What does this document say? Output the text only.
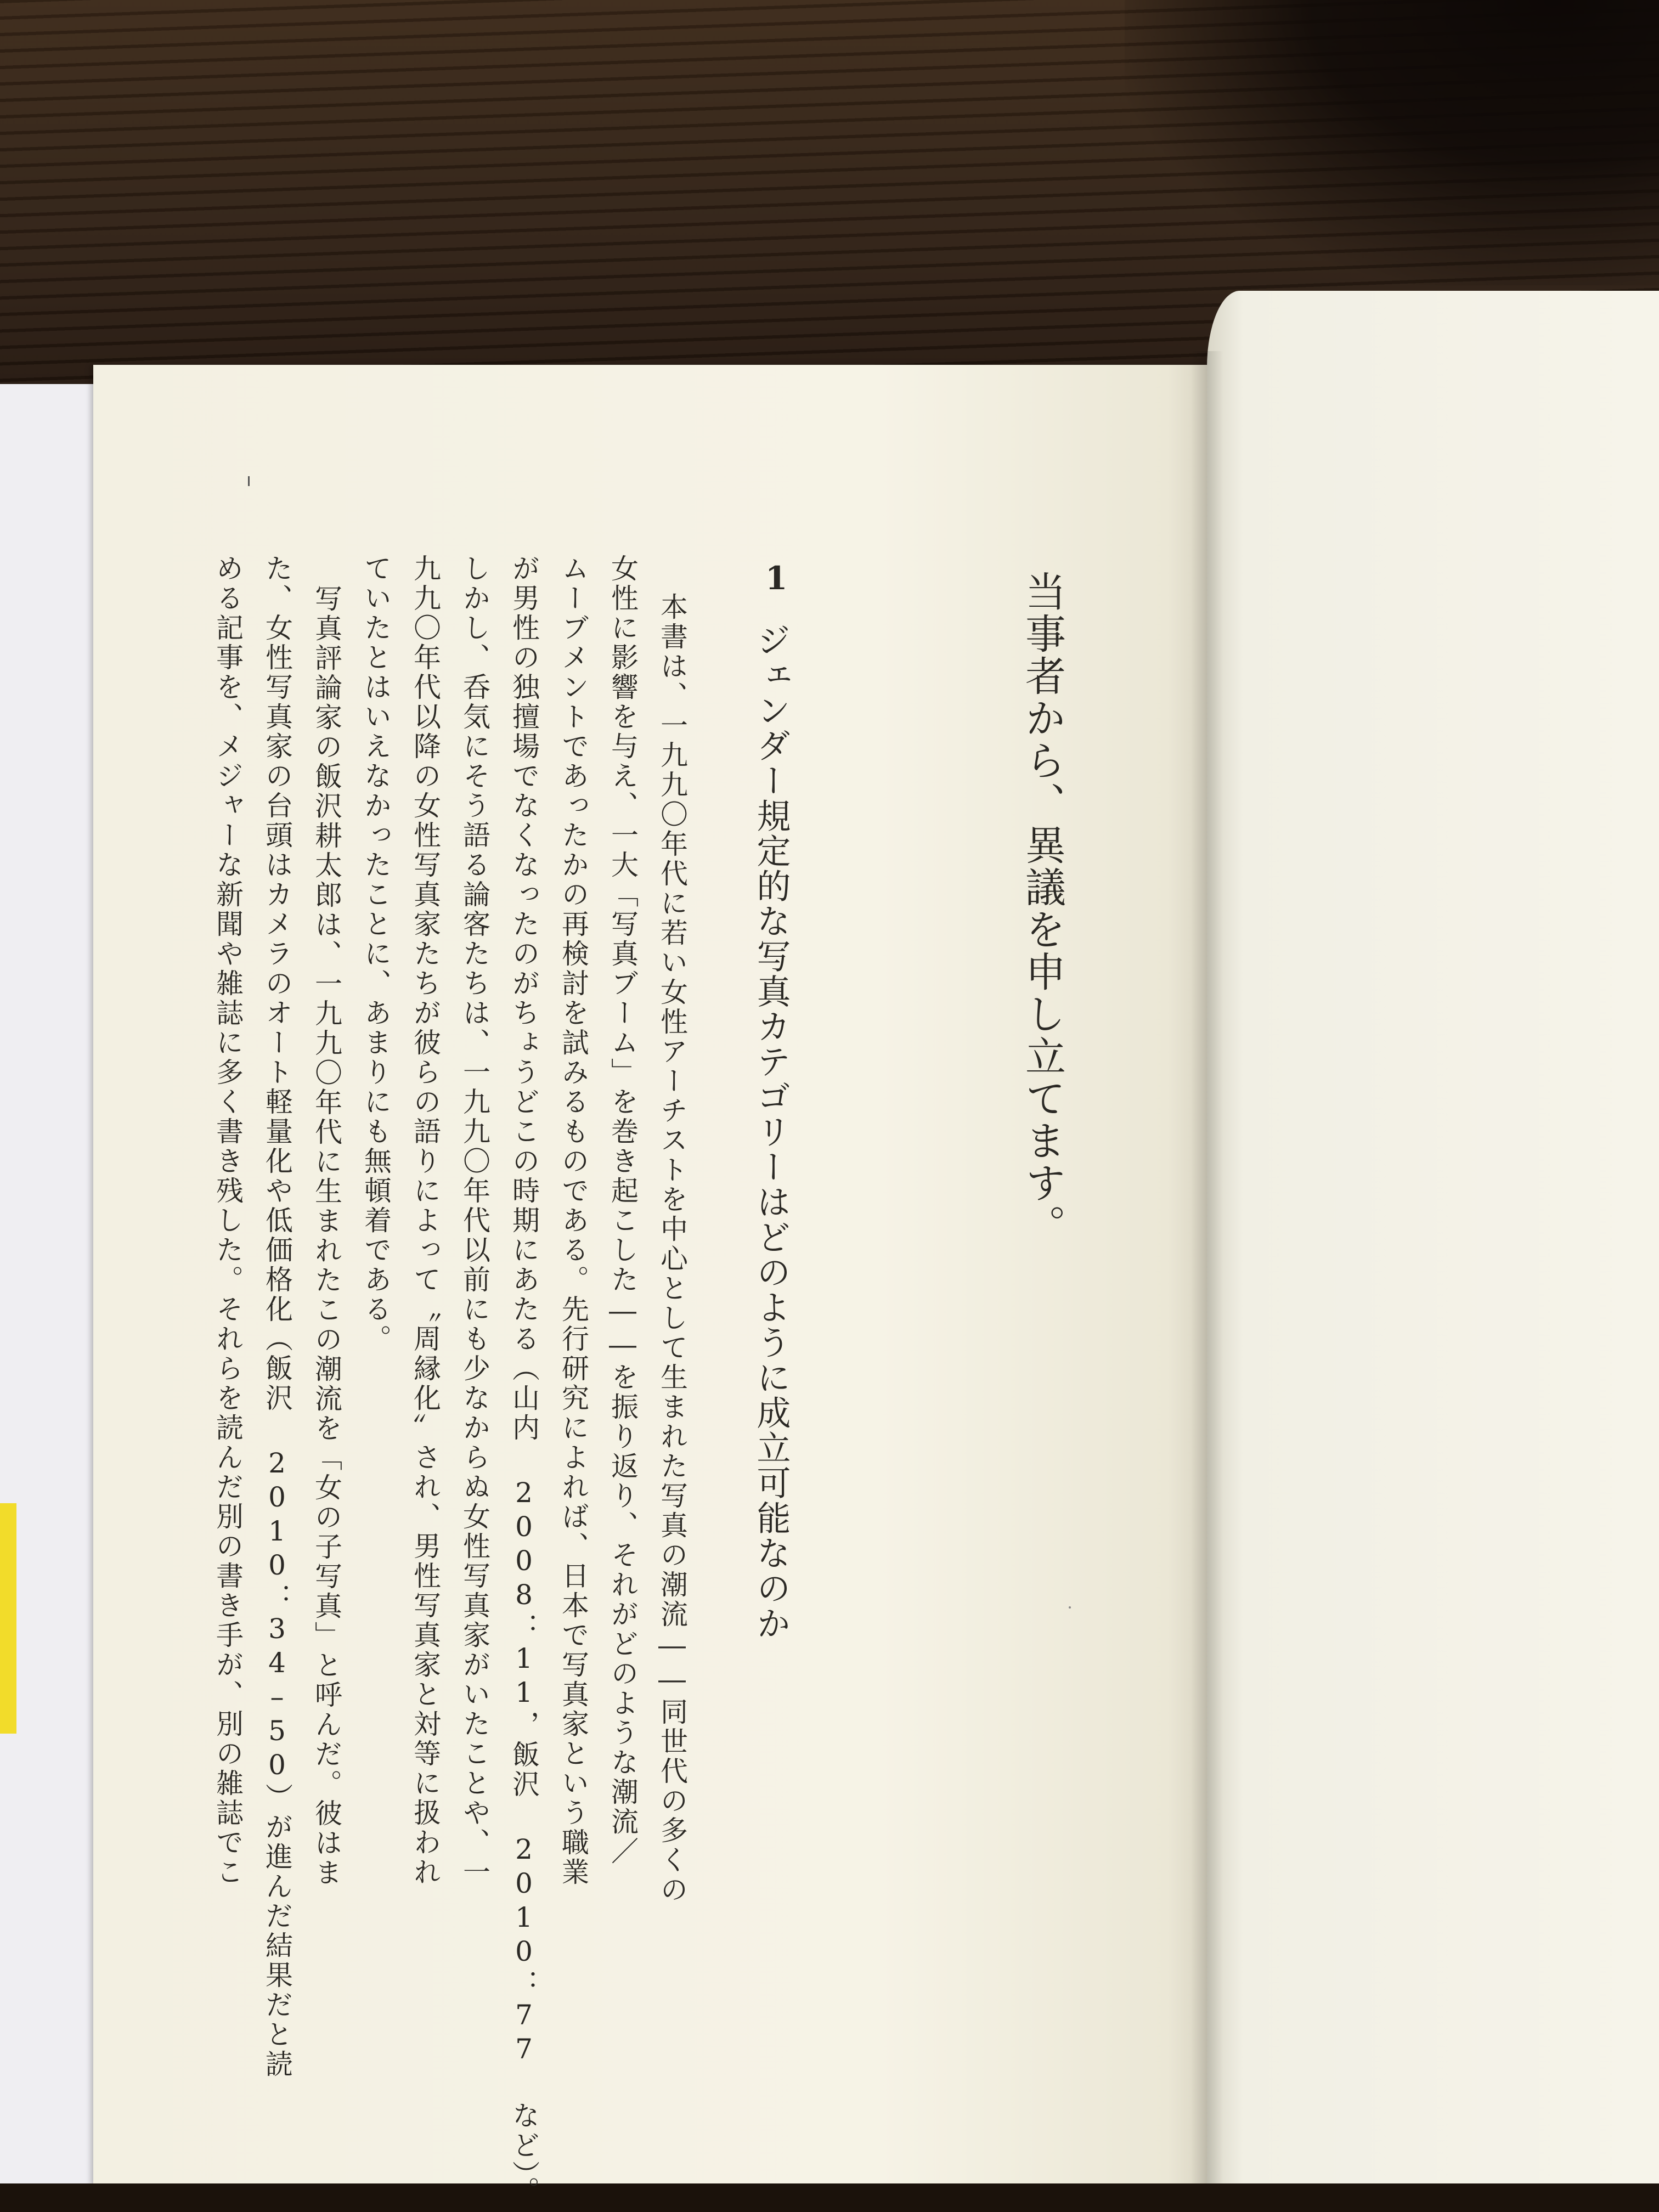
当事者から、異議を申し立てます。
1
ジェンダー規定的な写真カテゴリーはどのように成立可能なのか
本書は、一九九〇年代に若い女性アーチストを中心として生まれた写真の潮流――同世代の多くの
女性に影響を与え、一大「写真ブーム」を巻き起こした――を振り返り、それがどのような潮流／
ムーブメントであったかの再検討を試みるものである。先行研究によれば、日本で写真家という職業
が男性の独擅場でなくなったのがちょうどこの時期にあたる（山内 2008：11，飯沢 2010：77 など）。
しかし、呑気にそう語る論客たちは、一九九〇年代以前にも少なからぬ女性写真家がいたことや、一
九九〇年代以降の女性写真家たちが彼らの語りによって〝周縁化〟され、男性写真家と対等に扱われ
ていたとはいえなかったことに、あまりにも無頓着である。
写真評論家の飯沢耕太郎は、一九九〇年代に生まれたこの潮流を「女の子写真」と呼んだ。彼はま
た、女性写真家の台頭はカメラのオート軽量化や低価格化（飯沢 2010：34–50）が進んだ結果だと読
める記事を、メジャーな新聞や雑誌に多く書き残した。それらを読んだ別の書き手が、別の雑誌でこ
